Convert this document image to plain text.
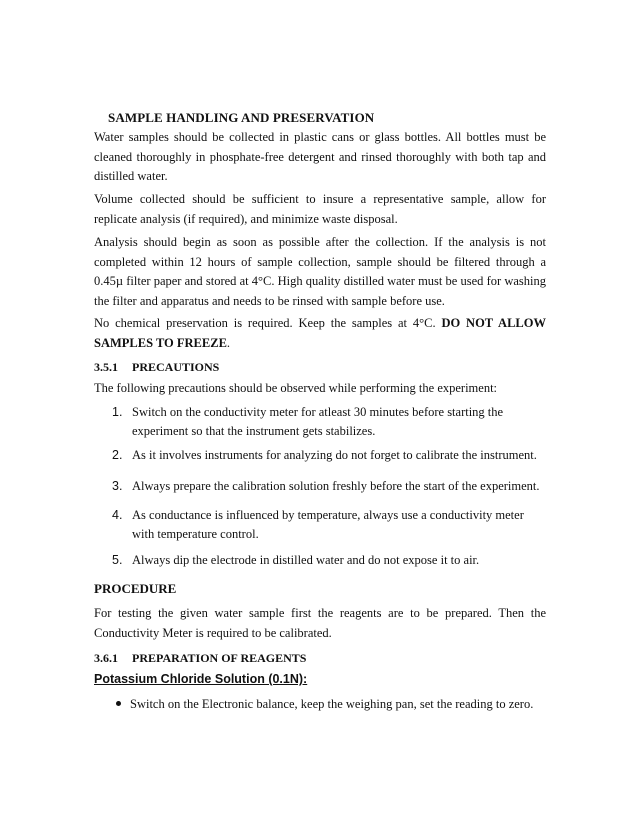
SAMPLE HANDLING AND PRESERVATION
Water samples should be collected in plastic cans or glass bottles. All bottles must be cleaned thoroughly in phosphate-free detergent and rinsed thoroughly with both tap and distilled water.
Volume collected should be sufficient to insure a representative sample, allow for replicate analysis (if required), and minimize waste disposal.
Analysis should begin as soon as possible after the collection. If the analysis is not completed within 12 hours of sample collection, sample should be filtered through a 0.45µ filter paper and stored at 4°C. High quality distilled water must be used for washing the filter and apparatus and needs to be rinsed with sample before use.
No chemical preservation is required. Keep the samples at 4°C. DO NOT ALLOW SAMPLES TO FREEZE.
3.5.1 PRECAUTIONS
The following precautions should be observed while performing the experiment:
1. Switch on the conductivity meter for atleast 30 minutes before starting the experiment so that the instrument gets stabilizes.
2. As it involves instruments for analyzing do not forget to calibrate the instrument.
3. Always prepare the calibration solution freshly before the start of the experiment.
4. As conductance is influenced by temperature, always use a conductivity meter with temperature control.
5. Always dip the electrode in distilled water and do not expose it to air.
PROCEDURE
For testing the given water sample first the reagents are to be prepared. Then the Conductivity Meter is required to be calibrated.
3.6.1 PREPARATION OF REAGENTS
Potassium Chloride Solution (0.1N):
Switch on the Electronic balance, keep the weighing pan, set the reading to zero.
